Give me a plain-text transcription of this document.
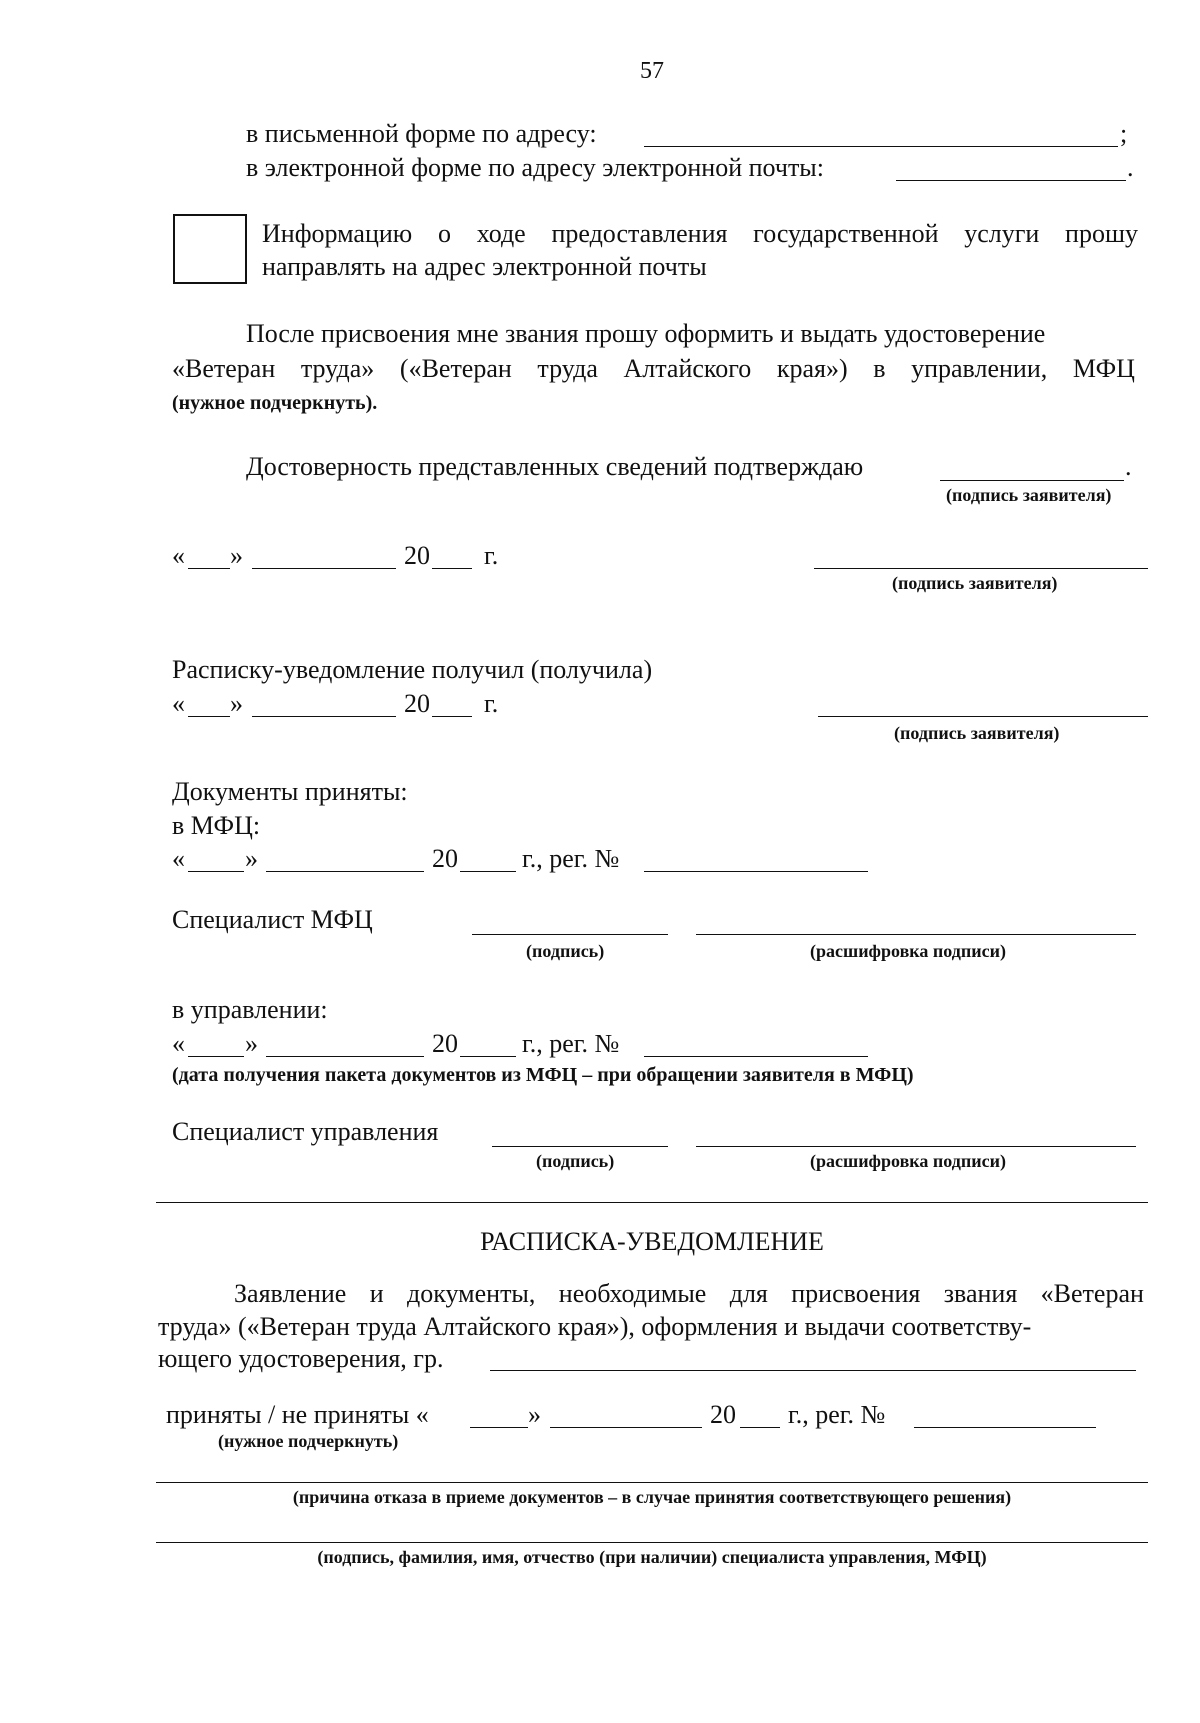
57
в письменной форме по адресу:	;
в электронной форме по адресу электронной почты:	.
Информацию о ходе предоставления государственной услуги прошу
направлять на адрес электронной почты
После присвоения мне звания прошу оформить и выдать удостоверение
«Ветеран труда» («Ветеран труда Алтайского края») в управлении, МФЦ
(нужное подчеркнуть).
Достоверность представленных сведений подтверждаю	.
(подпись заявителя)
« »	20 г.
(подпись заявителя)
Расписку-уведомление получил (получила)
« »	20 г.
(подпись заявителя)
Документы приняты:
в МФЦ:
« »	20 г., рег. №
Специалист МФЦ
(подпись)	(расшифровка подписи)
в управлении:
« »	20 г., рег. №
(дата получения пакета документов из МФЦ – при обращении заявителя в МФЦ)
Специалист управления
(подпись)	(расшифровка подписи)
РАСПИСКА-УВЕДОМЛЕНИЕ
Заявление и документы, необходимые для присвоения звания «Ветеран
труда» («Ветеран труда Алтайского края»), оформления и выдачи соответству-
ющего удостоверения, гр.
приняты / не приняты «	»	20 г., рег. №
(нужное подчеркнуть)
(причина отказа в приеме документов – в случае принятия соответствующего решения)
(подпись, фамилия, имя, отчество (при наличии) специалиста управления, МФЦ)
